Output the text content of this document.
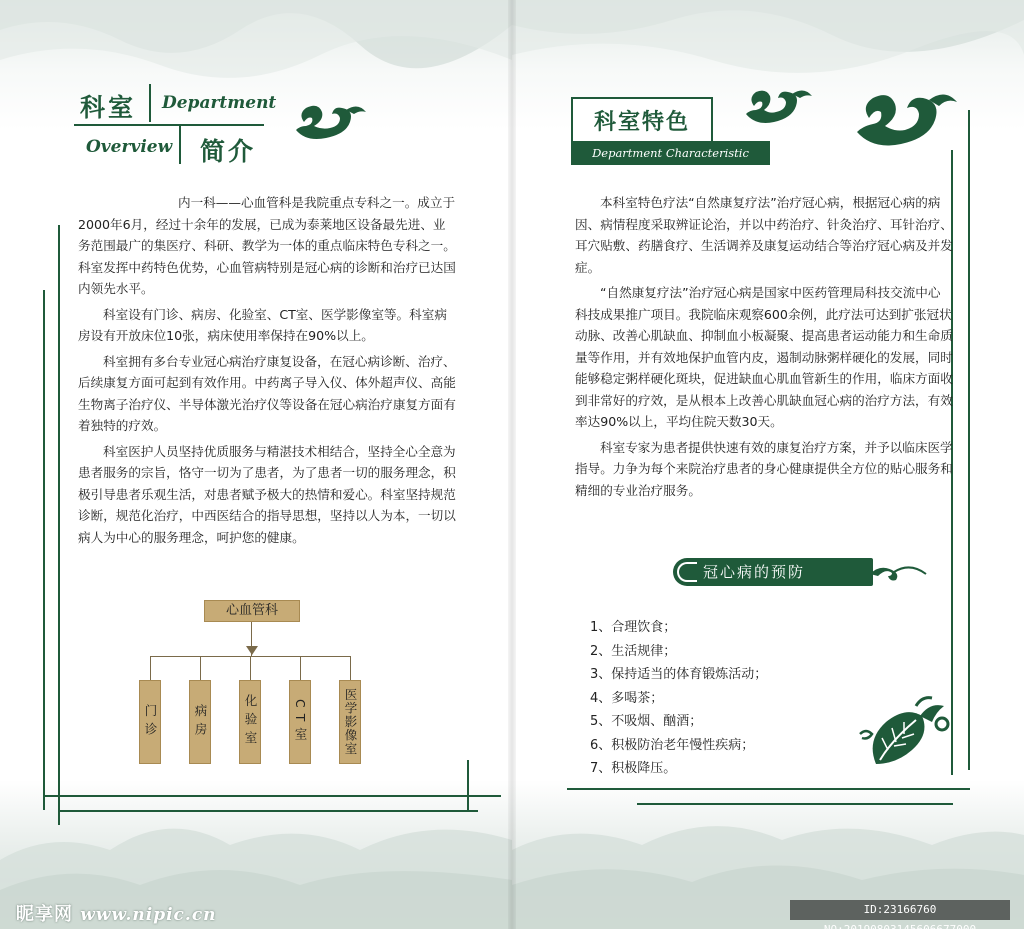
科室 Department
Overview 简介

内一科——心血管科是我院重点专科之一。成立于2000年6月，经过十余年的发展，已成为泰莱地区设备最先进、业务范围最广的集医疗、科研、教学为一体的重点临床特色专科之一。科室发挥中药特色优势，心血管病特别是冠心病的诊断和治疗已达国内领先水平。

科室设有门诊、病房、化验室、CT室、医学影像室等。科室病房设有开放床位10张，病床使用率保持在90%以上。

科室拥有多台专业冠心病治疗康复设备，在冠心病诊断、治疗、后续康复方面可起到有效作用。中药离子导入仪、体外超声仪、高能生物离子治疗仪、半导体激光治疗仪等设备在冠心病治疗康复方面有着独特的疗效。

科室医护人员坚持优质服务与精湛技术相结合，坚持全心全意为患者服务的宗旨，恪守一切为了患者，为了患者一切的服务理念，积极引导患者乐观生活，对患者赋予极大的热情和爱心。科室坚持规范诊断，规范化治疗，中西医结合的指导思想，坚持以人为本，一切以病人为中心的服务理念，呵护您的健康。

心血管科
门诊	病房	化验室	CT室	医学影像室
科室特色
Department Characteristic

本科室特色疗法“自然康复疗法”治疗冠心病，根据冠心病的病因、病情程度采取辨证论治，并以中药治疗、针灸治疗、耳针治疗、耳穴贴敷、药膳食疗、生活调养及康复运动结合等治疗冠心病及并发症。

“自然康复疗法”治疗冠心病是国家中医药管理局科技交流中心科技成果推广项目。我院临床观察600余例，此疗法可达到扩张冠状动脉、改善心肌缺血、抑制血小板凝聚、提高患者运动能力和生命质量等作用，并有效地保护血管内皮，遏制动脉粥样硬化的发展，同时能够稳定粥样硬化斑块，促进缺血心肌血管新生的作用，临床方面收到非常好的疗效，是从根本上改善心肌缺血冠心病的治疗方法，有效率达90%以上，平均住院天数30天。

科室专家为患者提供快速有效的康复治疗方案，并予以临床医学指导。力争为每个来院治疗患者的身心健康提供全方位的贴心服务和精细的专业治疗服务。

冠心病的预防
1、合理饮食；
2、生活规律；
3、保持适当的体育锻炼活动；
4、多喝茶；
5、不吸烟、酗酒；
6、积极防治老年慢性疾病；
7、积极降压。
昵享网 www.nipic.cn	ID:23166760 NO:20190803145606677000
